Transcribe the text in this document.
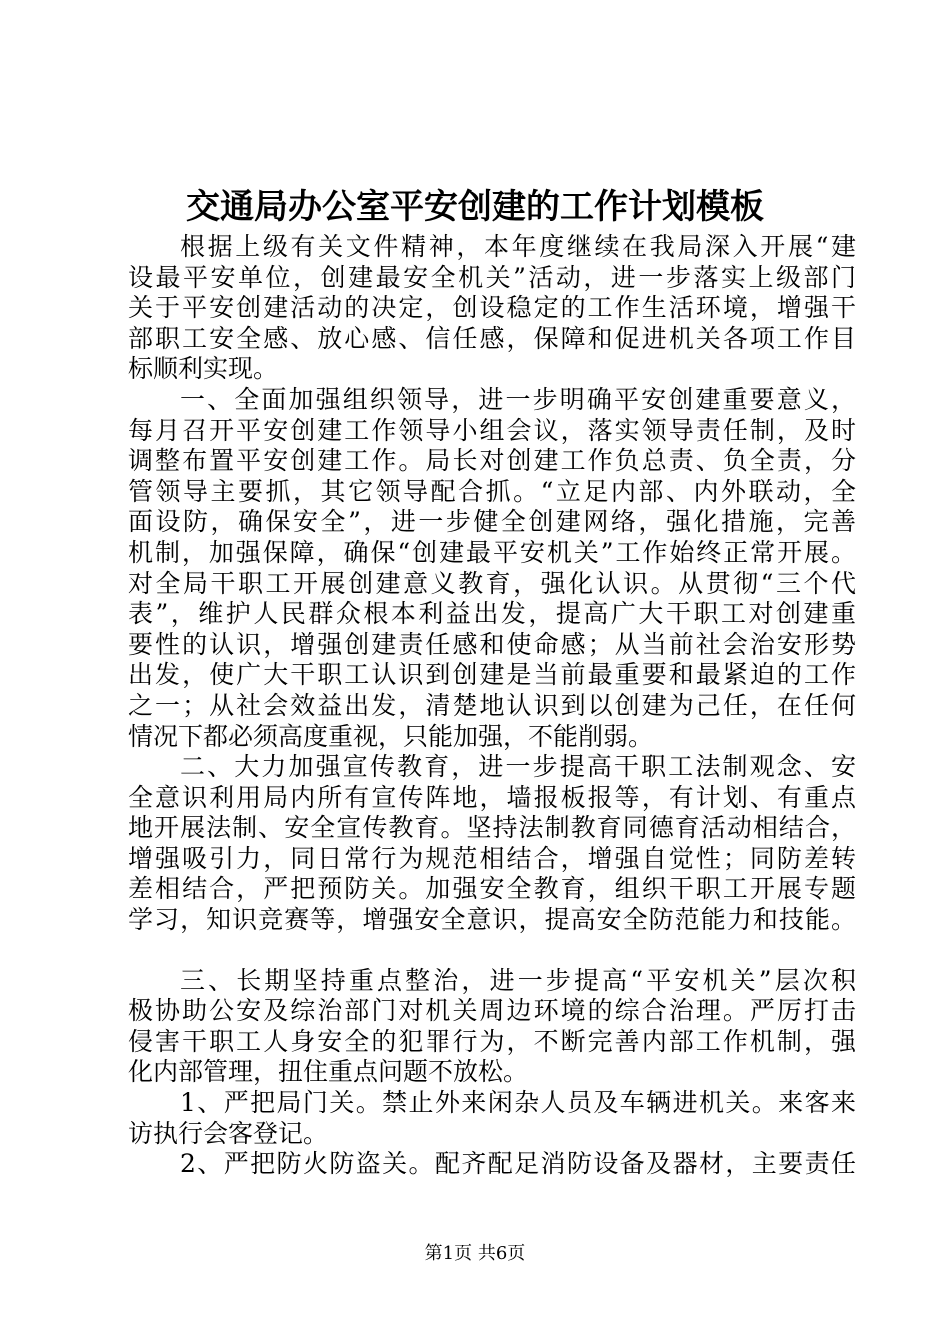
交通局办公室平安创建的工作计划模板
根据上级有关文件精神，本年度继续在我局深入开展“建
设最平安单位，创建最安全机关”活动，进一步落实上级部门
关于平安创建活动的决定，创设稳定的工作生活环境，增强干
部职工安全感、放心感、信任感，保障和促进机关各项工作目
标顺利实现。
一、全面加强组织领导，进一步明确平安创建重要意义，
每月召开平安创建工作领导小组会议，落实领导责任制，及时
调整布置平安创建工作。局长对创建工作负总责、负全责，分
管领导主要抓，其它领导配合抓。“立足内部、内外联动，全
面设防，确保安全”，进一步健全创建网络，强化措施，完善
机制，加强保障，确保“创建最平安机关”工作始终正常开展。
对全局干职工开展创建意义教育，强化认识。从贯彻“三个代
表”，维护人民群众根本利益出发，提高广大干职工对创建重
要性的认识，增强创建责任感和使命感；从当前社会治安形势
出发，使广大干职工认识到创建是当前最重要和最紧迫的工作
之一；从社会效益出发，清楚地认识到以创建为己任，在任何
情况下都必须高度重视，只能加强，不能削弱。
二、大力加强宣传教育，进一步提高干职工法制观念、安
全意识利用局内所有宣传阵地，墙报板报等，有计划、有重点
地开展法制、安全宣传教育。坚持法制教育同德育活动相结合，
增强吸引力，同日常行为规范相结合，增强自觉性；同防差转
差相结合，严把预防关。加强安全教育，组织干职工开展专题
学习，知识竞赛等，增强安全意识，提高安全防范能力和技能。
三、长期坚持重点整治，进一步提高“平安机关”层次积
极协助公安及综治部门对机关周边环境的综合治理。严厉打击
侵害干职工人身安全的犯罪行为，不断完善内部工作机制，强
化内部管理，扭住重点问题不放松。
1、严把局门关。禁止外来闲杂人员及车辆进机关。来客来
访执行会客登记。
2、严把防火防盗关。配齐配足消防设备及器材，主要责任
第1页 共6页
